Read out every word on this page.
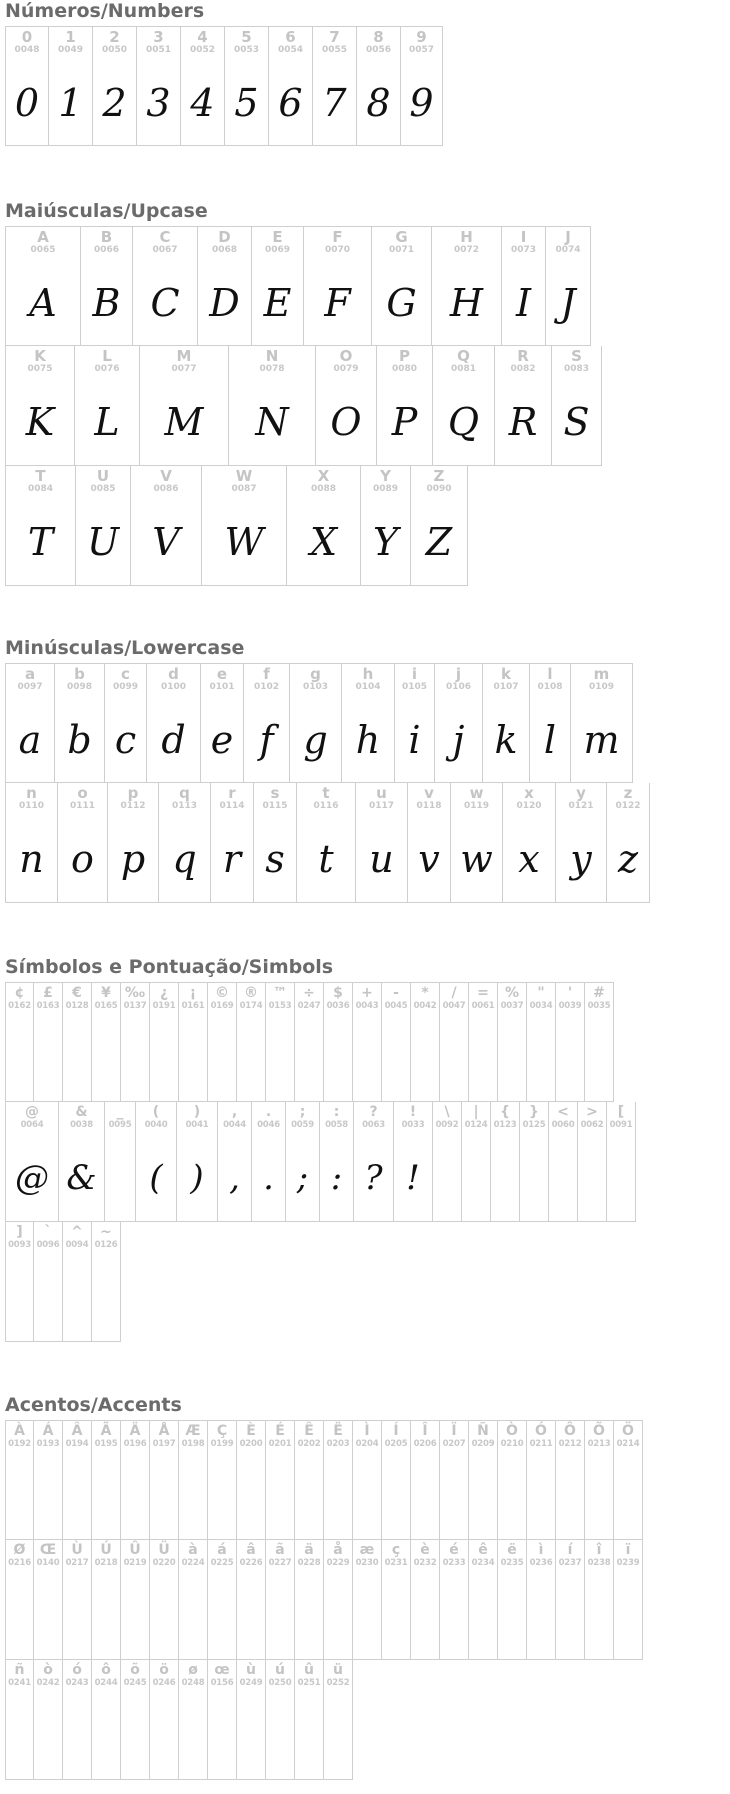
Números/Numbers
0
0048
0
1
0049
1
2
0050
2
3
0051
3
4
0052
4
5
0053
5
6
0054
6
7
0055
7
8
0056
8
9
0057
9
Maiúsculas/Upcase
A
0065
A
B
0066
B
C
0067
C
D
0068
D
E
0069
E
F
0070
F
G
0071
G
H
0072
H
I
0073
I
J
0074
J
K
0075
K
L
0076
L
M
0077
M
N
0078
N
O
0079
O
P
0080
P
Q
0081
Q
R
0082
R
S
0083
S
T
0084
T
U
0085
U
V
0086
V
W
0087
W
X
0088
X
Y
0089
Y
Z
0090
Z
Minúsculas/Lowercase
a
0097
a
b
0098
b
c
0099
c
d
0100
d
e
0101
e
f
0102
f
g
0103
g
h
0104
h
i
0105
i
j
0106
j
k
0107
k
l
0108
l
m
0109
m
n
0110
n
o
0111
o
p
0112
p
q
0113
q
r
0114
r
s
0115
s
t
0116
t
u
0117
u
v
0118
v
w
0119
w
x
0120
x
y
0121
y
z
0122
z
Símbolos e Pontuação/Simbols
¢
0162
£
0163
€
0128
¥
0165
‰
0137
¿
0191
¡
0161
©
0169
®
0174
™
0153
÷
0247
$
0036
+
0043
-
0045
*
0042
/
0047
=
0061
%
0037
"
0034
'
0039
#
0035
@
0064
@
&
0038
&
_
0095
(
0040
(
)
0041
)
,
0044
,
.
0046
.
;
0059
;
:
0058
:
?
0063
?
!
0033
!
\
0092
|
0124
{
0123
}
0125
<
0060
>
0062
[
0091
]
0093
`
0096
^
0094
~
0126
Acentos/Accents
À
0192
Á
0193
Â
0194
Ã
0195
Ä
0196
Å
0197
Æ
0198
Ç
0199
È
0200
É
0201
Ê
0202
Ë
0203
Ì
0204
Í
0205
Î
0206
Ï
0207
Ñ
0209
Ò
0210
Ó
0211
Ô
0212
Õ
0213
Ö
0214
Ø
0216
Œ
0140
Ù
0217
Ú
0218
Û
0219
Ü
0220
à
0224
á
0225
â
0226
ã
0227
ä
0228
å
0229
æ
0230
ç
0231
è
0232
é
0233
ê
0234
ë
0235
ì
0236
í
0237
î
0238
ï
0239
ñ
0241
ò
0242
ó
0243
ô
0244
õ
0245
ö
0246
ø
0248
œ
0156
ù
0249
ú
0250
û
0251
ü
0252
